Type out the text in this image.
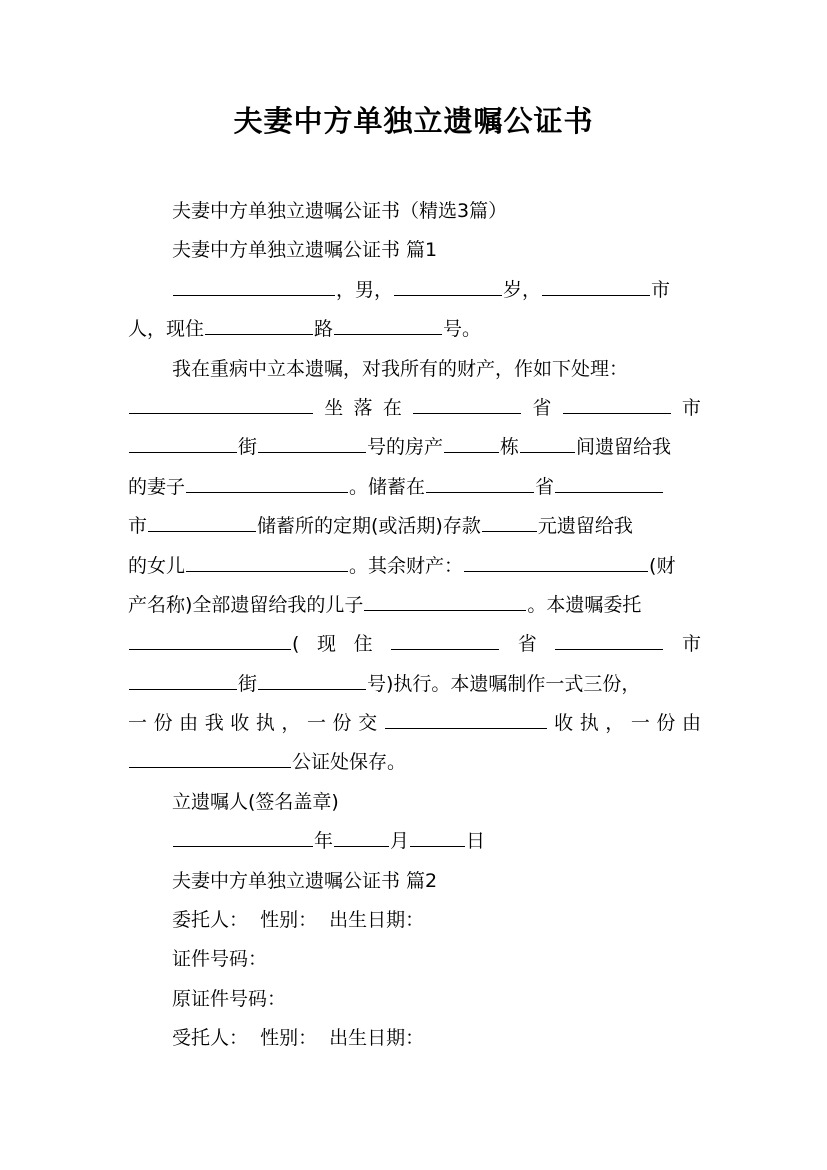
夫妻中方单独立遗嘱公证书
夫妻中方单独立遗嘱公证书（精选3篇）
夫妻中方单独立遗嘱公证书 篇1
，男，	岁，	市
人，现住	路	号。
我在重病中立本遗嘱，对我所有的财产，作如下处理：
坐 落 在	省	市
街	号的房产	栋	间遗留给我
的妻子	。储蓄在	省
市	储蓄所的定期(或活期)存款	元遗留给我
的女儿	。其余财产：	(财
产名称)全部遗留给我的儿子	。本遗嘱委托
( 现 住	省	市
街	号)执行。本遗嘱制作一式三份，
一 份 由 我 收 执 ， 一 份 交	收 执 ， 一 份 由
公证处保存。
立遗嘱人(签名盖章)
年	月	日
夫妻中方单独立遗嘱公证书 篇2
委托人：  性别：  出生日期：
证件号码：
原证件号码：
受托人：  性别：  出生日期：
